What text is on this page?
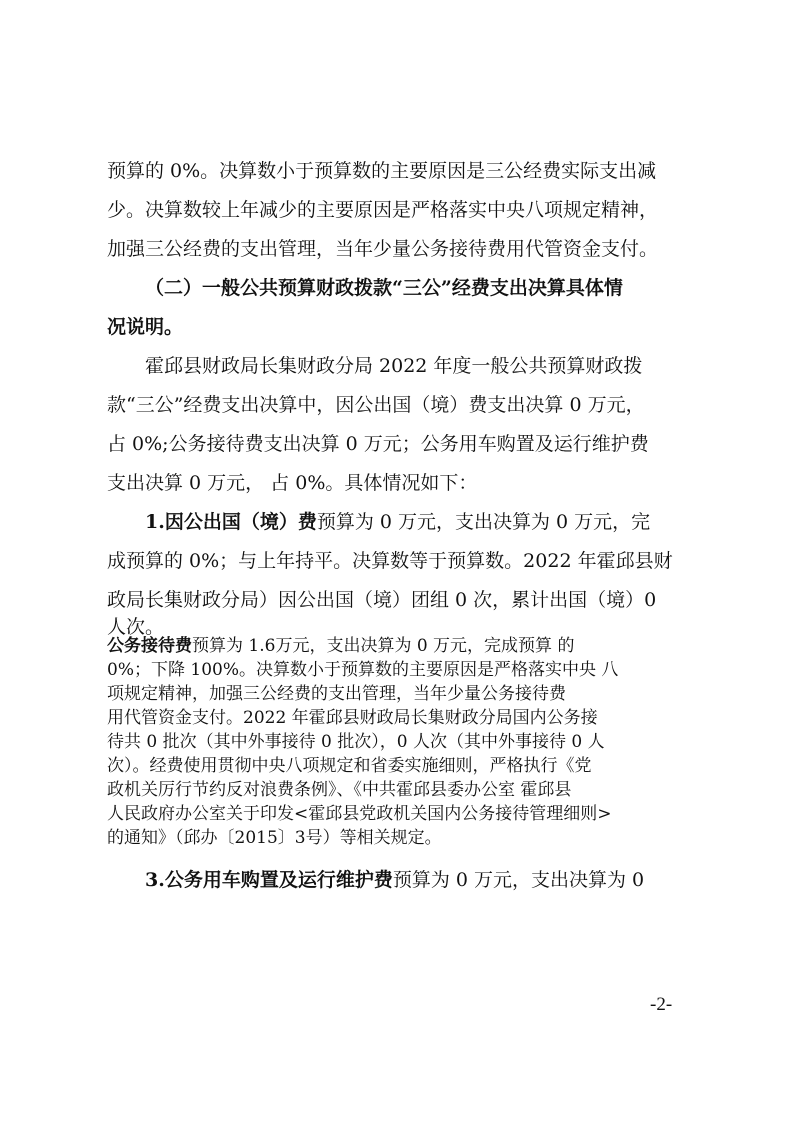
预算的 0%。决算数小于预算数的主要原因是三公经费实际支出减
少。决算数较上年减少的主要原因是严格落实中央八项规定精神，
加强三公经费的支出管理，当年少量公务接待费用代管资金支付。
（二）一般公共预算财政拨款“三公”经费支出决算具体情
况说明。
霍邱县财政局长集财政分局 2022 年度一般公共预算财政拨
款“三公”经费支出决算中，因公出国（境）费支出决算 0 万元，
占 0%;公务接待费支出决算 0 万元；公务用车购置及运行维护费
支出决算 0 万元， 占 0%。具体情况如下：
1.因公出国（境）费预算为 0 万元，支出决算为 0 万元，完
成预算的 0%；与上年持平。决算数等于预算数。2022 年霍邱县财
政局长集财政分局）因公出国（境）团组 0 次，累计出国（境）0
人次。
公务接待费预算为 1.6万元，支出决算为 0 万元，完成预算 的
0%；下降 100%。决算数小于预算数的主要原因是严格落实中央 八
项规定精神，加强三公经费的支出管理，当年少量公务接待费
用代管资金支付。2022 年霍邱县财政局长集财政分局国内公务接
待共 0 批次（其中外事接待 0 批次），0 人次（其中外事接待 0 人
次）。经费使用贯彻中央八项规定和省委实施细则，严格执行《党
政机关厉行节约反对浪费条例》、《中共霍邱县委办公室 霍邱县
人民政府办公室关于印发<霍邱县党政机关国内公务接待管理细则>
的通知》（邱办〔2015〕3号）等相关规定。
3.公务用车购置及运行维护费预算为 0 万元，支出决算为 0
-2-
